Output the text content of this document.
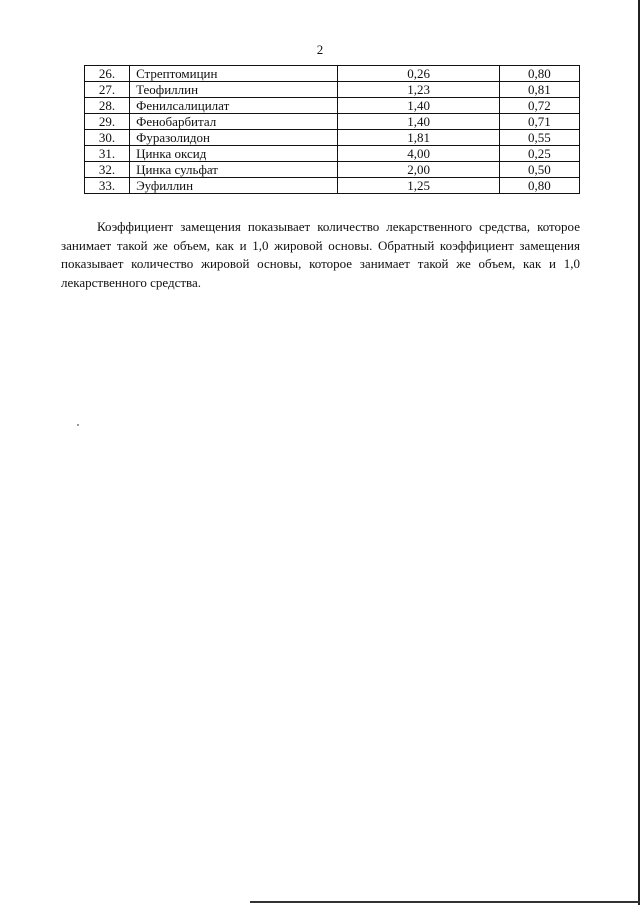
2
26.	Стрептомицин	0,26	0,80
27.	Теофиллин	1,23	0,81
28.	Фенилсалицилат	1,40	0,72
29.	Фенобарбитал	1,40	0,71
30.	Фуразолидон	1,81	0,55
31.	Цинка оксид	4,00	0,25
32.	Цинка сульфат	2,00	0,50
33.	Эуфиллин	1,25	0,80

Коэффициент замещения показывает количество лекарственного средства, которое занимает такой же объем, как и 1,0 жировой основы. Обратный коэффициент замещения показывает количество жировой основы, которое занимает такой же объем, как и 1,0 лекарственного средства.
